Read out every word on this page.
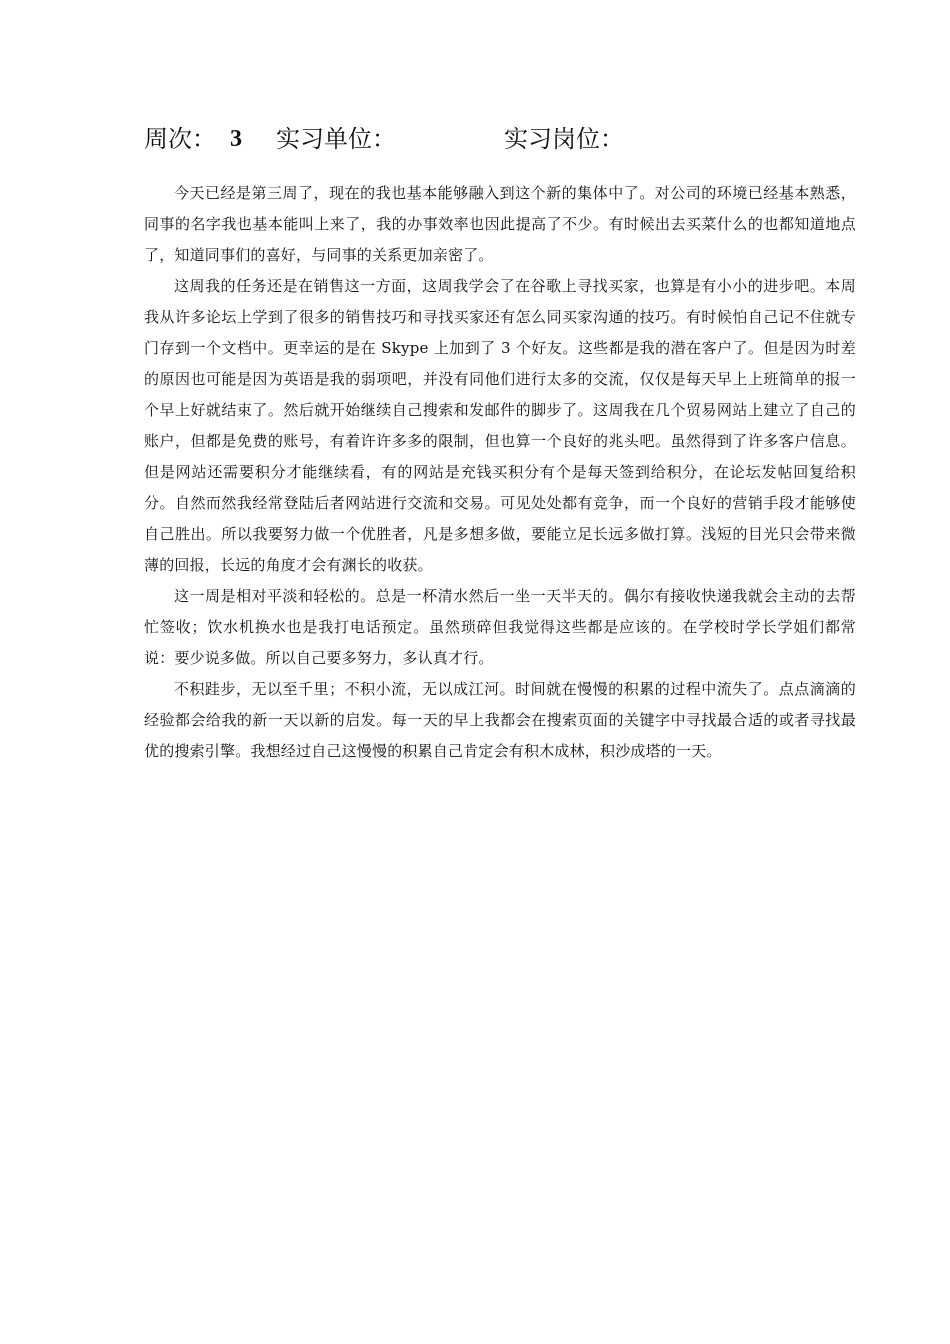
周次： 3 实习单位：	实习岗位：

今天已经是第三周了，现在的我也基本能够融入到这个新的集体中了。对公司的环境已经基本熟悉，同事的名字我也基本能叫上来了，我的办事效率也因此提高了不少。有时候出去买菜什么的也都知道地点了，知道同事们的喜好，与同事的关系更加亲密了。

这周我的任务还是在销售这一方面，这周我学会了在谷歌上寻找买家，也算是有小小的进步吧。本周我从许多论坛上学到了很多的销售技巧和寻找买家还有怎么同买家沟通的技巧。有时候怕自己记不住就专门存到一个文档中。更幸运的是在 Skype 上加到了 3 个好友。这些都是我的潜在客户了。但是因为时差的原因也可能是因为英语是我的弱项吧，并没有同他们进行太多的交流，仅仅是每天早上上班简单的报一个早上好就结束了。然后就开始继续自己搜索和发邮件的脚步了。这周我在几个贸易网站上建立了自己的账户，但都是免费的账号，有着许许多多的限制，但也算一个良好的兆头吧。虽然得到了许多客户信息。但是网站还需要积分才能继续看，有的网站是充钱买积分有个是每天签到给积分，在论坛发帖回复给积分。自然而然我经常登陆后者网站进行交流和交易。可见处处都有竞争，而一个良好的营销手段才能够使自己胜出。所以我要努力做一个优胜者，凡是多想多做，要能立足长远多做打算。浅短的目光只会带来微薄的回报，长远的角度才会有渊长的收获。

这一周是相对平淡和轻松的。总是一杯清水然后一坐一天半天的。偶尔有接收快递我就会主动的去帮忙签收；饮水机换水也是我打电话预定。虽然琐碎但我觉得这些都是应该的。在学校时学长学姐们都常说：要少说多做。所以自己要多努力，多认真才行。

不积跬步，无以至千里；不积小流，无以成江河。时间就在慢慢的积累的过程中流失了。点点滴滴的经验都会给我的新一天以新的启发。每一天的早上我都会在搜索页面的关键字中寻找最合适的或者寻找最优的搜索引擎。我想经过自己这慢慢的积累自己肯定会有积木成林，积沙成塔的一天。
